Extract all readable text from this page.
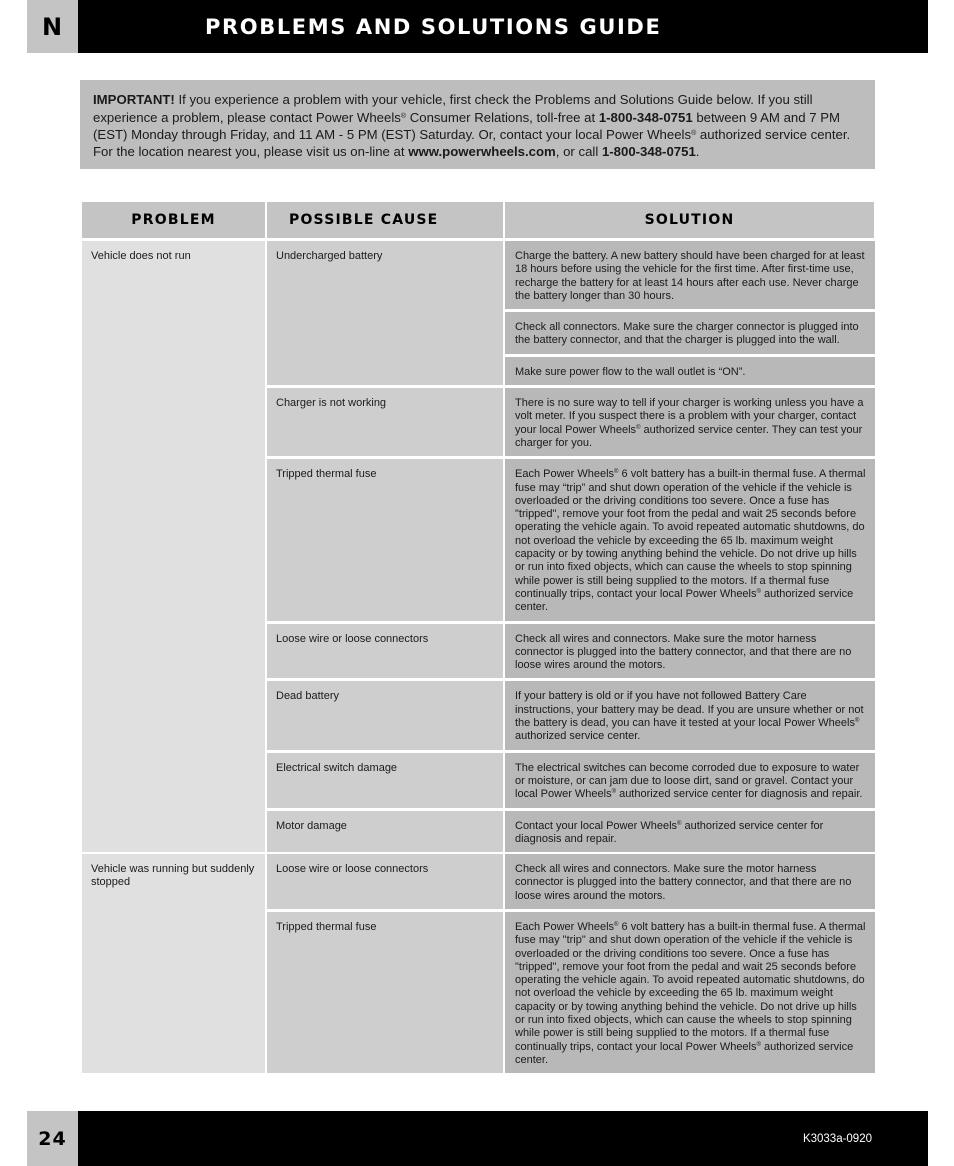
N	PROBLEMS AND SOLUTIONS GUIDE
IMPORTANT! If you experience a problem with your vehicle, first check the Problems and Solutions Guide below. If you still experience a problem, please contact Power Wheels® Consumer Relations, toll-free at 1-800-348-0751 between 9 AM and 7 PM (EST) Monday through Friday, and 11 AM - 5 PM (EST) Saturday. Or, contact your local Power Wheels® authorized service center. For the location nearest you, please visit us on-line at www.powerwheels.com, or call 1-800-348-0751.
PROBLEM	POSSIBLE CAUSE	SOLUTION
Vehicle does not run	Undercharged battery	Charge the battery. A new battery should have been charged for at least 18 hours before using the vehicle for the first time. After first-time use, recharge the battery for at least 14 hours after each use. Never charge the battery longer than 30 hours.
Check all connectors. Make sure the charger connector is plugged into the battery connector, and that the charger is plugged into the wall.
Make sure power flow to the wall outlet is “ON”.
Charger is not working	There is no sure way to tell if your charger is working unless you have a volt meter. If you suspect there is a problem with your charger, contact your local Power Wheels® authorized service center. They can test your charger for you.
Tripped thermal fuse	Each Power Wheels® 6 volt battery has a built-in thermal fuse. A thermal fuse may “trip” and shut down operation of the vehicle if the vehicle is overloaded or the driving conditions too severe. Once a fuse has "tripped", remove your foot from the pedal and wait 25 seconds before operating the vehicle again. To avoid repeated automatic shutdowns, do not overload the vehicle by exceeding the 65 lb. maximum weight capacity or by towing anything behind the vehicle. Do not drive up hills or run into fixed objects, which can cause the wheels to stop spinning while power is still being supplied to the motors. If a thermal fuse continually trips, contact your local Power Wheels® authorized service center.
Loose wire or loose connectors	Check all wires and connectors. Make sure the motor harness connector is plugged into the battery connector, and that there are no loose wires around the motors.
Dead battery	If your battery is old or if you have not followed Battery Care instructions, your battery may be dead. If you are unsure whether or not the battery is dead, you can have it tested at your local Power Wheels® authorized service center.
Electrical switch damage	The electrical switches can become corroded due to exposure to water or moisture, or can jam due to loose dirt, sand or gravel. Contact your local Power Wheels® authorized service center for diagnosis and repair.
Motor damage	Contact your local Power Wheels® authorized service center for diagnosis and repair.
Vehicle was running but suddenly stopped
Loose wire or loose connectors	Check all wires and connectors. Make sure the motor harness connector is plugged into the battery connector, and that there are no loose wires around the motors.
Tripped thermal fuse	Each Power Wheels® 6 volt battery has a built-in thermal fuse. A thermal fuse may "trip" and shut down operation of the vehicle if the vehicle is overloaded or the driving conditions too severe. Once a fuse has "tripped", remove your foot from the pedal and wait 25 seconds before operating the vehicle again. To avoid repeated automatic shutdowns, do not overload the vehicle by exceeding the 65 lb. maximum weight capacity or by towing anything behind the vehicle. Do not drive up hills or run into fixed objects, which can cause the wheels to stop spinning while power is still being supplied to the motors. If a thermal fuse continually trips, contact your local Power Wheels® authorized service center.
24	K3033a-0920
